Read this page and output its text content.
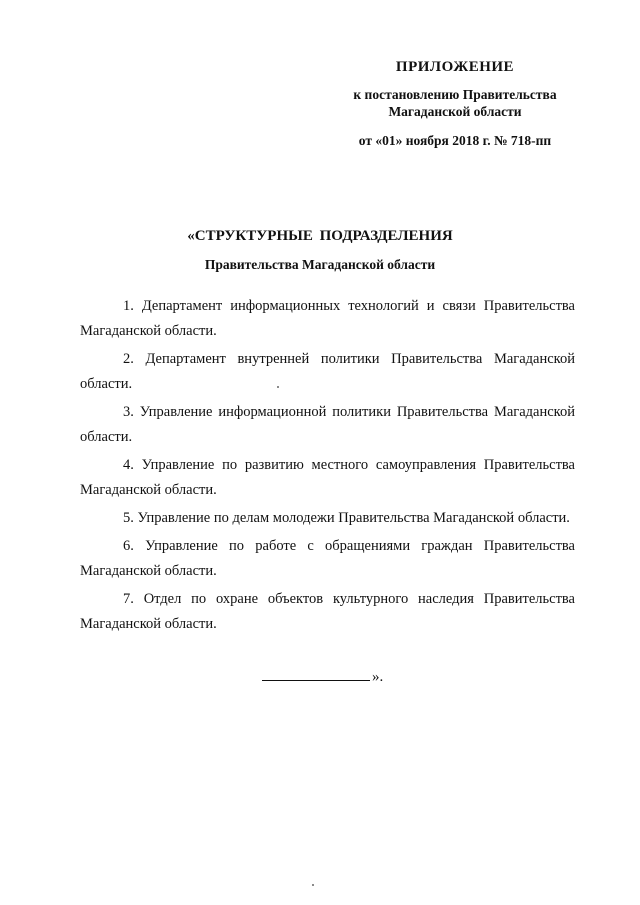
ПРИЛОЖЕНИЕ

к постановлению Правительства

Магаданской области

от «01» ноября 2018 г. № 718-пп

«СТРУКТУРНЫЕ ПОДРАЗДЕЛЕНИЯ

Правительства Магаданской области

1. Департамент информационных технологий и связи Правительства Магаданской области.

2. Департамент внутренней политики Правительства Магаданской области.

3. Управление информационной политики Правительства Магаданской области.

4. Управление по развитию местного самоуправления Правительства Магаданской области.

5. Управление по делам молодежи Правительства Магаданской области.

6. Управление по работе с обращениями граждан Правительства Магаданской области.

7. Отдел по охране объектов культурного наследия Правительства Магаданской области.

».
